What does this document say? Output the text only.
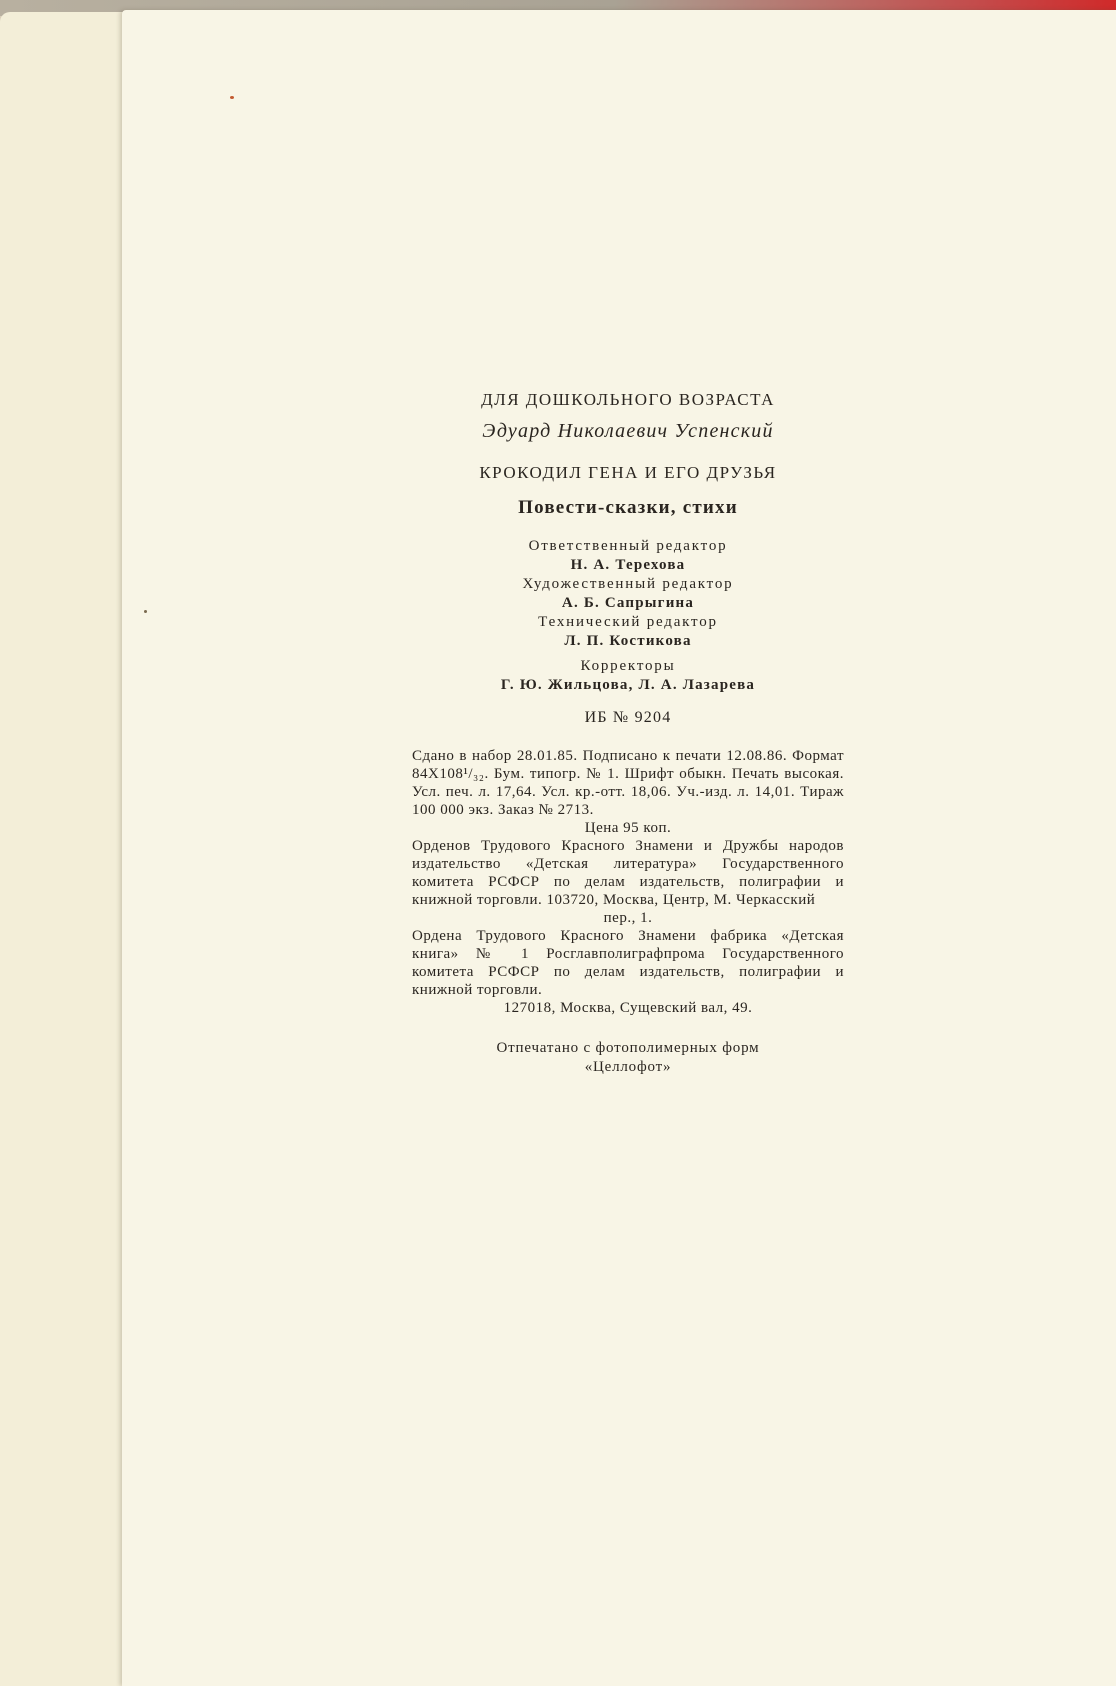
ДЛЯ ДОШКОЛЬНОГО ВОЗРАСТА
Эдуард Николаевич Успенский
КРОКОДИЛ ГЕНА И ЕГО ДРУЗЬЯ
Повести-сказки, стихи
Ответственный редактор
Н. А. Терехова
Художественный редактор
А. Б. Сапрыгина
Технический редактор
Л. П. Костикова
Корректоры
Г. Ю. Жильцова, Л. А. Лазарева
ИБ № 9204

Сдано в набор 28.01.85. Подписано к печати 12.08.86. Формат 84Х108¹/₃₂. Бум. типогр. № 1. Шрифт обыкн. Печать высокая. Усл. печ. л. 17,64. Усл. кр.-отт. 18,06. Уч.-изд. л. 14,01. Тираж 100 000 экз. Заказ № 2713.

Цена 95 коп.

Орденов Трудового Красного Знамени и Дружбы народов издательство «Детская литература» Государственного комитета РСФСР по делам издательств, полиграфии и книжной торговли. 103720, Москва, Центр, М. Черкасский

пер., 1.

Ордена Трудового Красного Знамени фабрика «Детская книга» № 1 Росглавполиграфпрома Государственного комитета РСФСР по делам издательств, полиграфии и книжной торговли.

127018, Москва, Сущевский вал, 49.

Отпечатано с фотополимерных форм
«Целлофот»
